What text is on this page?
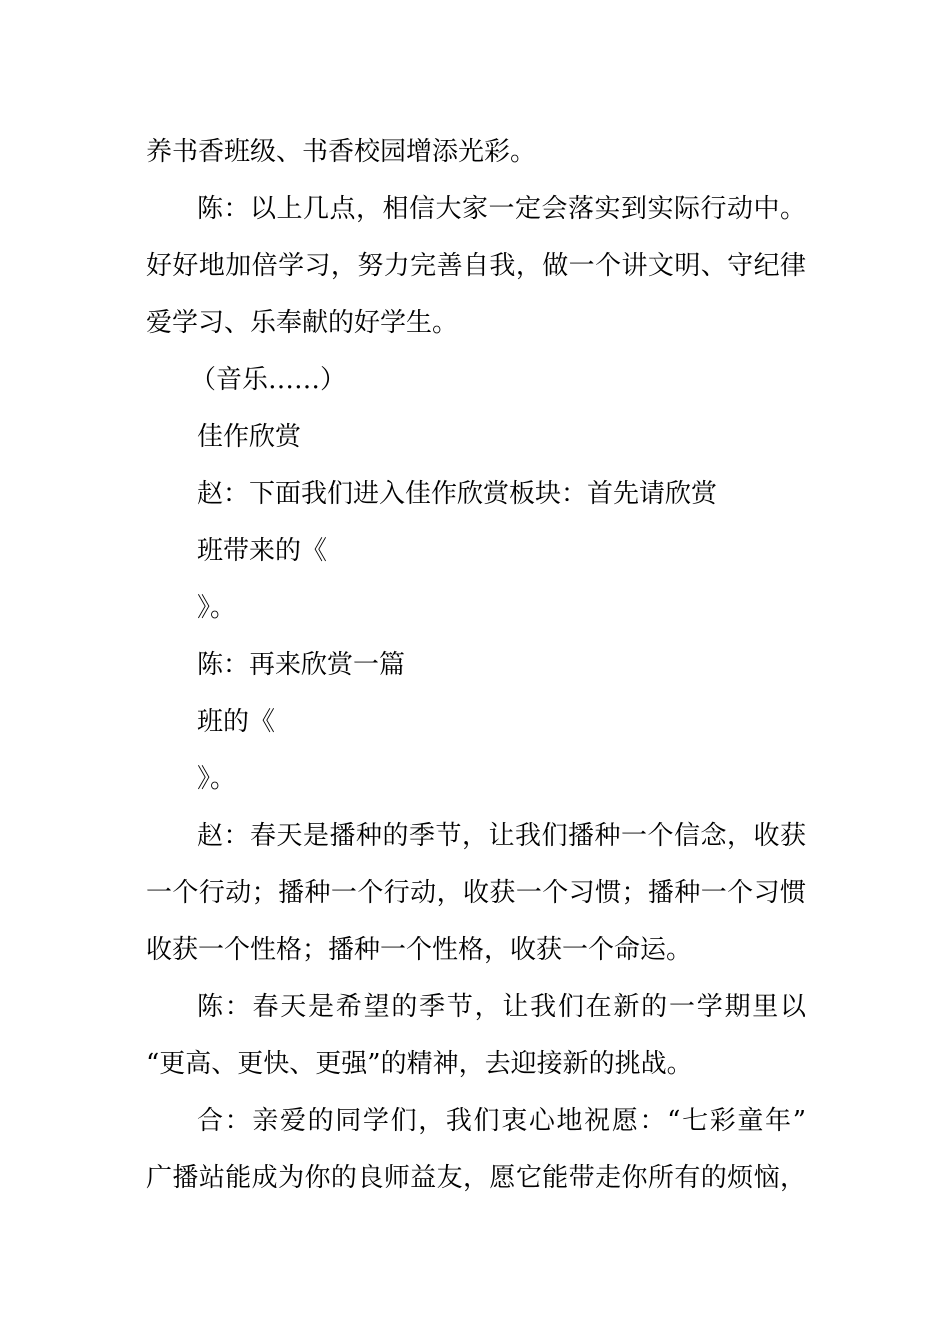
养书香班级、书香校园增添光彩。
陈：以上几点，相信大家一定会落实到实际行动中。
好好地加倍学习，努力完善自我，做一个讲文明、守纪律
爱学习、乐奉献的好学生。
（音乐……）
佳作欣赏
赵：下面我们进入佳作欣赏板块：首先请欣赏
班带来的《
》。
陈：再来欣赏一篇
班的《
》。
赵：春天是播种的季节，让我们播种一个信念，收获
一个行动；播种一个行动，收获一个习惯；播种一个习惯
收获一个性格；播种一个性格，收获一个命运。
陈：春天是希望的季节，让我们在新的一学期里以
“更高、更快、更强”的精神，去迎接新的挑战。
合：亲爱的同学们，我们衷心地祝愿：“七彩童年”
广播站能成为你的良师益友，愿它能带走你所有的烦恼，
